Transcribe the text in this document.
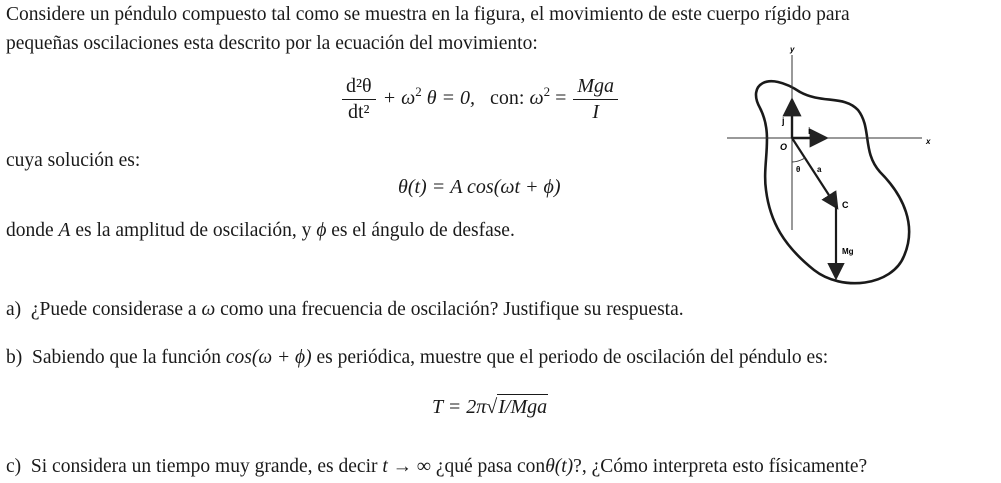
Considere un péndulo compuesto tal como se muestra en la figura, el movimiento de este cuerpo rígido para
pequeñas oscilaciones esta descrito por la ecuación del movimiento:
$\frac{\text{d²θ}}{\text{dt²}} + \omega^2$ θ = 0, con: $\omega^2 = \frac{\text{Mga}}{I}$
cuya solución es:
θ(t) = A cos(ωt + ϕ)
donde A es la amplitud de oscilación, y ϕ es el ángulo de desfase.
a) ¿Puede considerase a ω como una frecuencia de oscilación? Justifique su respuesta.
b) Sabiendo que la función cos(ω + ϕ) es periódica, muestre que el periodo de oscilación del péndulo es:
T = 2π√I/Mga
c) Si considera un tiempo muy grande, es decir t → ∞ ¿qué pasa conθ(t)?, ¿Cómo interpreta esto físicamente?
y
x
j
i
O
a
θ
C
Mg
